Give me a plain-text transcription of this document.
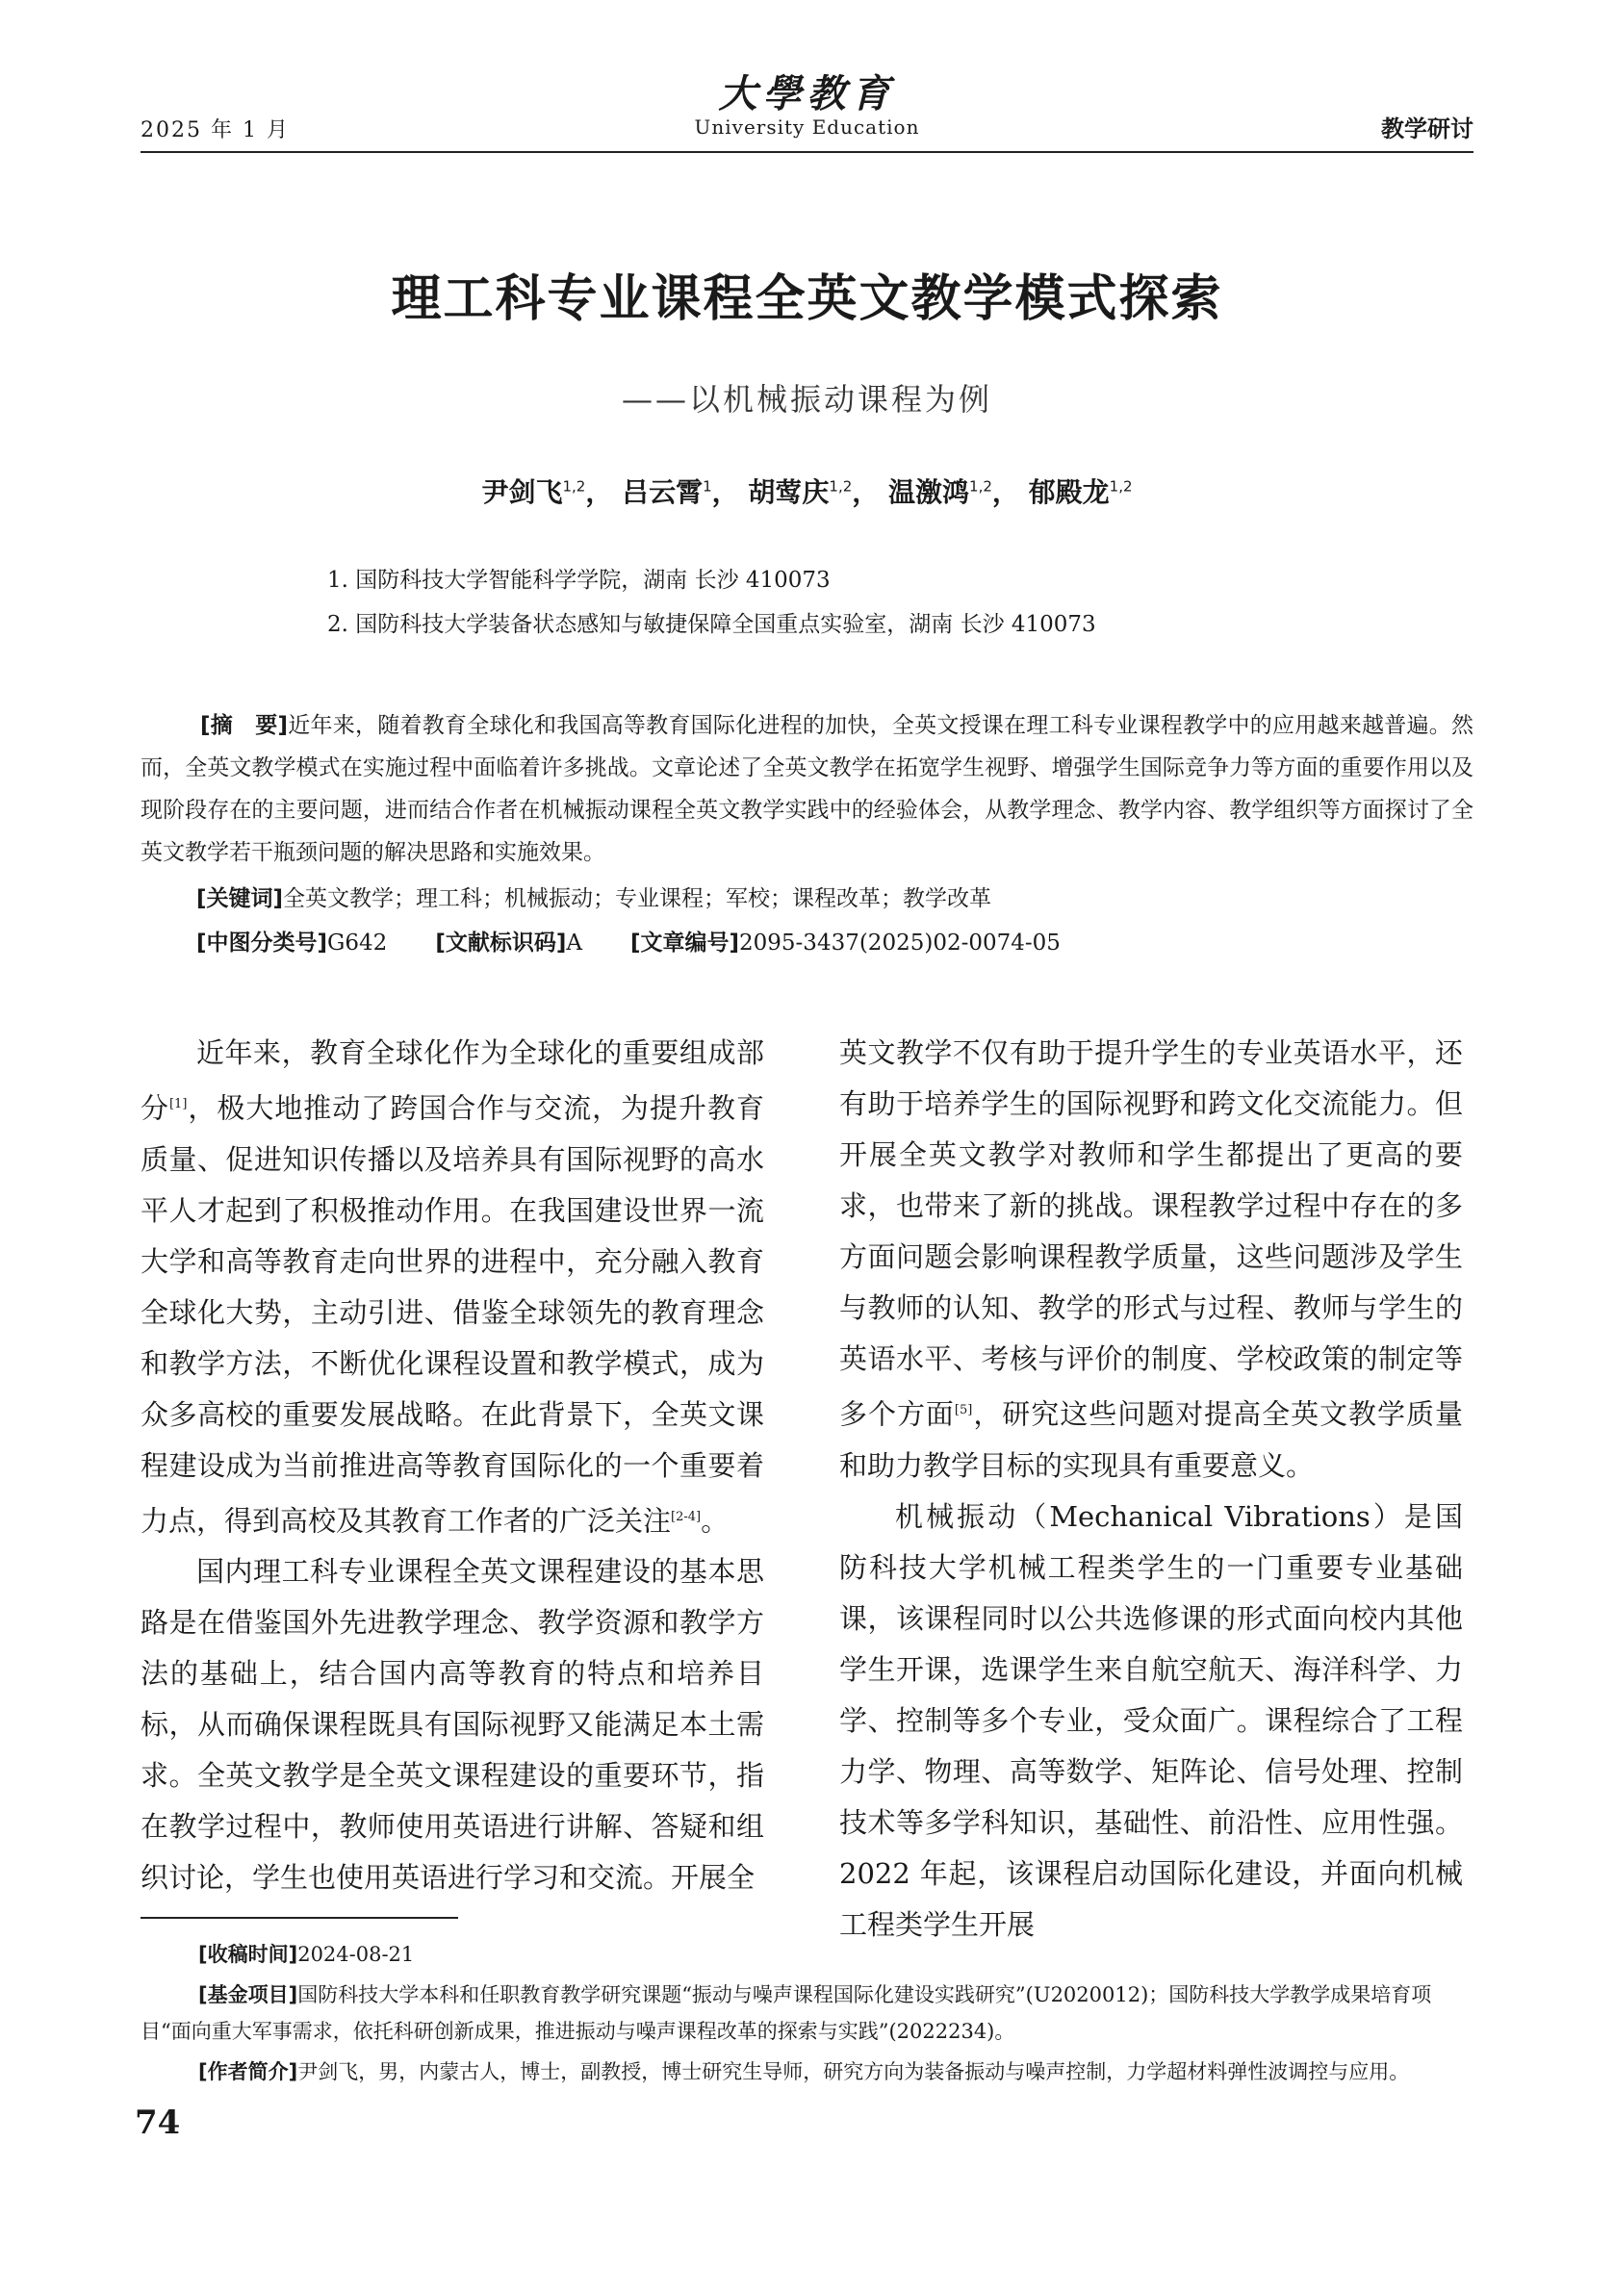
2025 年 1 月
大學教育
University Education	教学研讨
理工科专业课程全英文教学模式探索
——以机械振动课程为例
尹剑飞$^{1,2}$， 吕云霄$^1$， 胡莺庆$^{1,2}$， 温激鸿$^{1,2}$， 郁殿龙$^{1,2}$
1. 国防科技大学智能科学学院，湖南 长沙 410073
2. 国防科技大学装备状态感知与敏捷保障全国重点实验室，湖南 长沙 410073
[摘　要]近年来，随着教育全球化和我国高等教育国际化进程的加快，全英文授课在理工科专业课程教学中的应用越来越普遍。然而，全英文教学模式在实施过程中面临着许多挑战。文章论述了全英文教学在拓宽学生视野、增强学生国际竞争力等方面的重要作用以及现阶段存在的主要问题，进而结合作者在机械振动课程全英文教学实践中的经验体会，从教学理念、教学内容、教学组织等方面探讨了全英文教学若干瓶颈问题的解决思路和实施效果。
[关键词]全英文教学；理工科；机械振动；专业课程；军校；课程改革；教学改革
[中图分类号]G642 [文献标识码]A [文章编号]2095-3437(2025)02-0074-05

近年来，教育全球化作为全球化的重要组成部分[1]，极大地推动了跨国合作与交流，为提升教育质量、促进知识传播以及培养具有国际视野的高水平人才起到了积极推动作用。在我国建设世界一流大学和高等教育走向世界的进程中，充分融入教育全球化大势，主动引进、借鉴全球领先的教育理念和教学方法，不断优化课程设置和教学模式，成为众多高校的重要发展战略。在此背景下，全英文课程建设成为当前推进高等教育国际化的一个重要着力点，得到高校及其教育工作者的广泛关注[2-4]。

国内理工科专业课程全英文课程建设的基本思路是在借鉴国外先进教学理念、教学资源和教学方法的基础上，结合国内高等教育的特点和培养目标，从而确保课程既具有国际视野又能满足本土需求。全英文教学是全英文课程建设的重要环节，指在教学过程中，教师使用英语进行讲解、答疑和组织讨论，学生也使用英语进行学习和交流。开展全

英文教学不仅有助于提升学生的专业英语水平，还有助于培养学生的国际视野和跨文化交流能力。但开展全英文教学对教师和学生都提出了更高的要求，也带来了新的挑战。课程教学过程中存在的多方面问题会影响课程教学质量，这些问题涉及学生与教师的认知、教学的形式与过程、教师与学生的英语水平、考核与评价的制度、学校政策的制定等多个方面[5]，研究这些问题对提高全英文教学质量和助力教学目标的实现具有重要意义。

机械振动（Mechanical Vibrations）是国防科技大学机械工程类学生的一门重要专业基础课，该课程同时以公共选修课的形式面向校内其他学生开课，选课学生来自航空航天、海洋科学、力学、控制等多个专业，受众面广。课程综合了工程力学、物理、高等数学、矩阵论、信号处理、控制技术等多学科知识，基础性、前沿性、应用性强。2022 年起，该课程启动国际化建设，并面向机械工程类学生开展

[收稿时间]2024-08-21
[基金项目]国防科技大学本科和任职教育教学研究课题“振动与噪声课程国际化建设实践研究”(U2020012)；国防科技大学教学成果培育项目“面向重大军事需求，依托科研创新成果，推进振动与噪声课程改革的探索与实践”(2022234)。
[作者简介]尹剑飞，男，内蒙古人，博士，副教授，博士研究生导师，研究方向为装备振动与噪声控制，力学超材料弹性波调控与应用。
74
